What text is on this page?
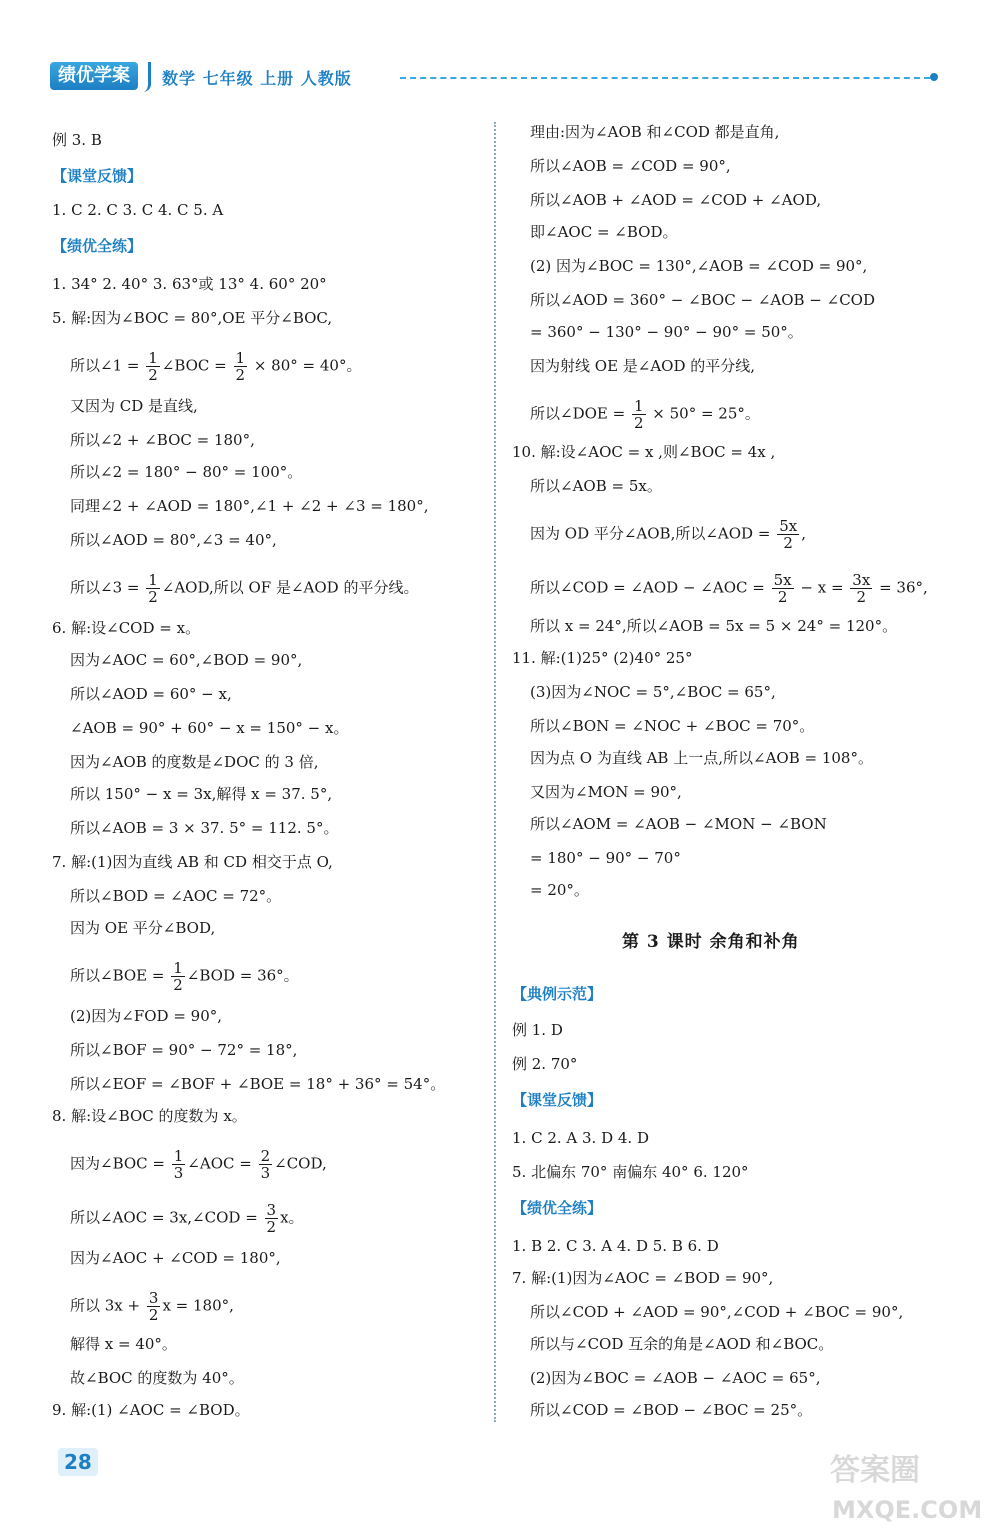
绩优学案	数学 七年级 上册 人教版
例 3. B
【课堂反馈】
1. C 2. C 3. C 4. C 5. A
【绩优全练】
1. 34° 2. 40° 3. 63°或 13° 4. 60° 20°
5. 解:因为∠BOC = 80°,OE 平分∠BOC,
所以∠1 = $\frac{1}{2}$ ∠BOC = $\frac{1}{2} \times 80^\circ = 40^\circ$。
又因为 CD 是直线,
所以∠2 + ∠BOC = 180°,
所以∠2 = 180° − 80° = 100°。
同理∠2 + ∠AOD = 180°,∠1 + ∠2 + ∠3 = 180°,
所以∠AOD = 80°,∠3 = 40°,
所以∠3 = $\frac{1}{2}$ ∠AOD,所以 OF 是∠AOD 的平分线。
6. 解:设∠COD = x。
因为∠AOC = 60°,∠BOD = 90°,
所以∠AOD = 60° − x,
∠AOB = 90° + 60° − x = 150° − x。
因为∠AOB 的度数是∠DOC 的 3 倍,
所以 150° − x = 3x,解得 x = 37. 5°,
所以∠AOB = 3 × 37. 5° = 112. 5°。
7. 解:(1)因为直线 AB 和 CD 相交于点 O,
所以∠BOD = ∠AOC = 72°。
因为 OE 平分∠BOD,
所以∠BOE = $\frac{1}{2}$ ∠BOD = 36°。
(2)因为∠FOD = 90°,
所以∠BOF = 90° − 72° = 18°,
所以∠EOF = ∠BOF + ∠BOE = 18° + 36° = 54°。
8. 解:设∠BOC 的度数为 x。
因为∠BOC = $\frac{1}{3}$ ∠AOC = $\frac{2}{3}$ ∠COD,
所以∠AOC = 3x,∠COD = $\frac{3}{2}$ x。
因为∠AOC + ∠COD = 180°,
所以 $3x + \frac{3}{2}$ x = 180°,
解得 x = 40°。
故∠BOC 的度数为 40°。
9. 解:(1) ∠AOC = ∠BOD。
理由:因为∠AOB 和∠COD 都是直角,
所以∠AOB = ∠COD = 90°,
所以∠AOB + ∠AOD = ∠COD + ∠AOD,
即∠AOC = ∠BOD。
(2) 因为∠BOC = 130°,∠AOB = ∠COD = 90°,
所以∠AOD = 360° − ∠BOC − ∠AOB − ∠COD
= 360° − 130° − 90° − 90° = 50°。
因为射线 OE 是∠AOD 的平分线,
所以∠DOE = $\frac{1}{2} \times 50^\circ = 25^\circ$。
10. 解:设∠AOC = x ,则∠BOC = 4x ,
所以∠AOB = 5x。
因为 OD 平分∠AOB,所以∠AOD = $\frac{5x}{2}$ ,
所以∠COD = ∠AOD − ∠AOC = $\frac{5x}{2} - x = \frac{3x}{2} = 36^\circ$,
所以 x = 24°,所以∠AOB = 5x = 5 × 24° = 120°。
11. 解:(1)25° (2)40° 25°
(3)因为∠NOC = 5°,∠BOC = 65°,
所以∠BON = ∠NOC + ∠BOC = 70°。
因为点 O 为直线 AB 上一点,所以∠AOB = 108°。
又因为∠MON = 90°,
所以∠AOM = ∠AOB − ∠MON − ∠BON
= 180° − 90° − 70°
= 20°。
第 3 课时 余角和补角
【典例示范】
例 1. D
例 2. 70°
【课堂反馈】
1. C 2. A 3. D 4. D
5. 北偏东 70° 南偏东 40° 6. 120°
【绩优全练】
1. B 2. C 3. A 4. D 5. B 6. D
7. 解:(1)因为∠AOC = ∠BOD = 90°,
所以∠COD + ∠AOD = 90°,∠COD + ∠BOC = 90°,
所以与∠COD 互余的角是∠AOD 和∠BOC。
(2)因为∠BOC = ∠AOB − ∠AOC = 65°,
所以∠COD = ∠BOD − ∠BOC = 25°。
28	答案圈
MXQE.COM
